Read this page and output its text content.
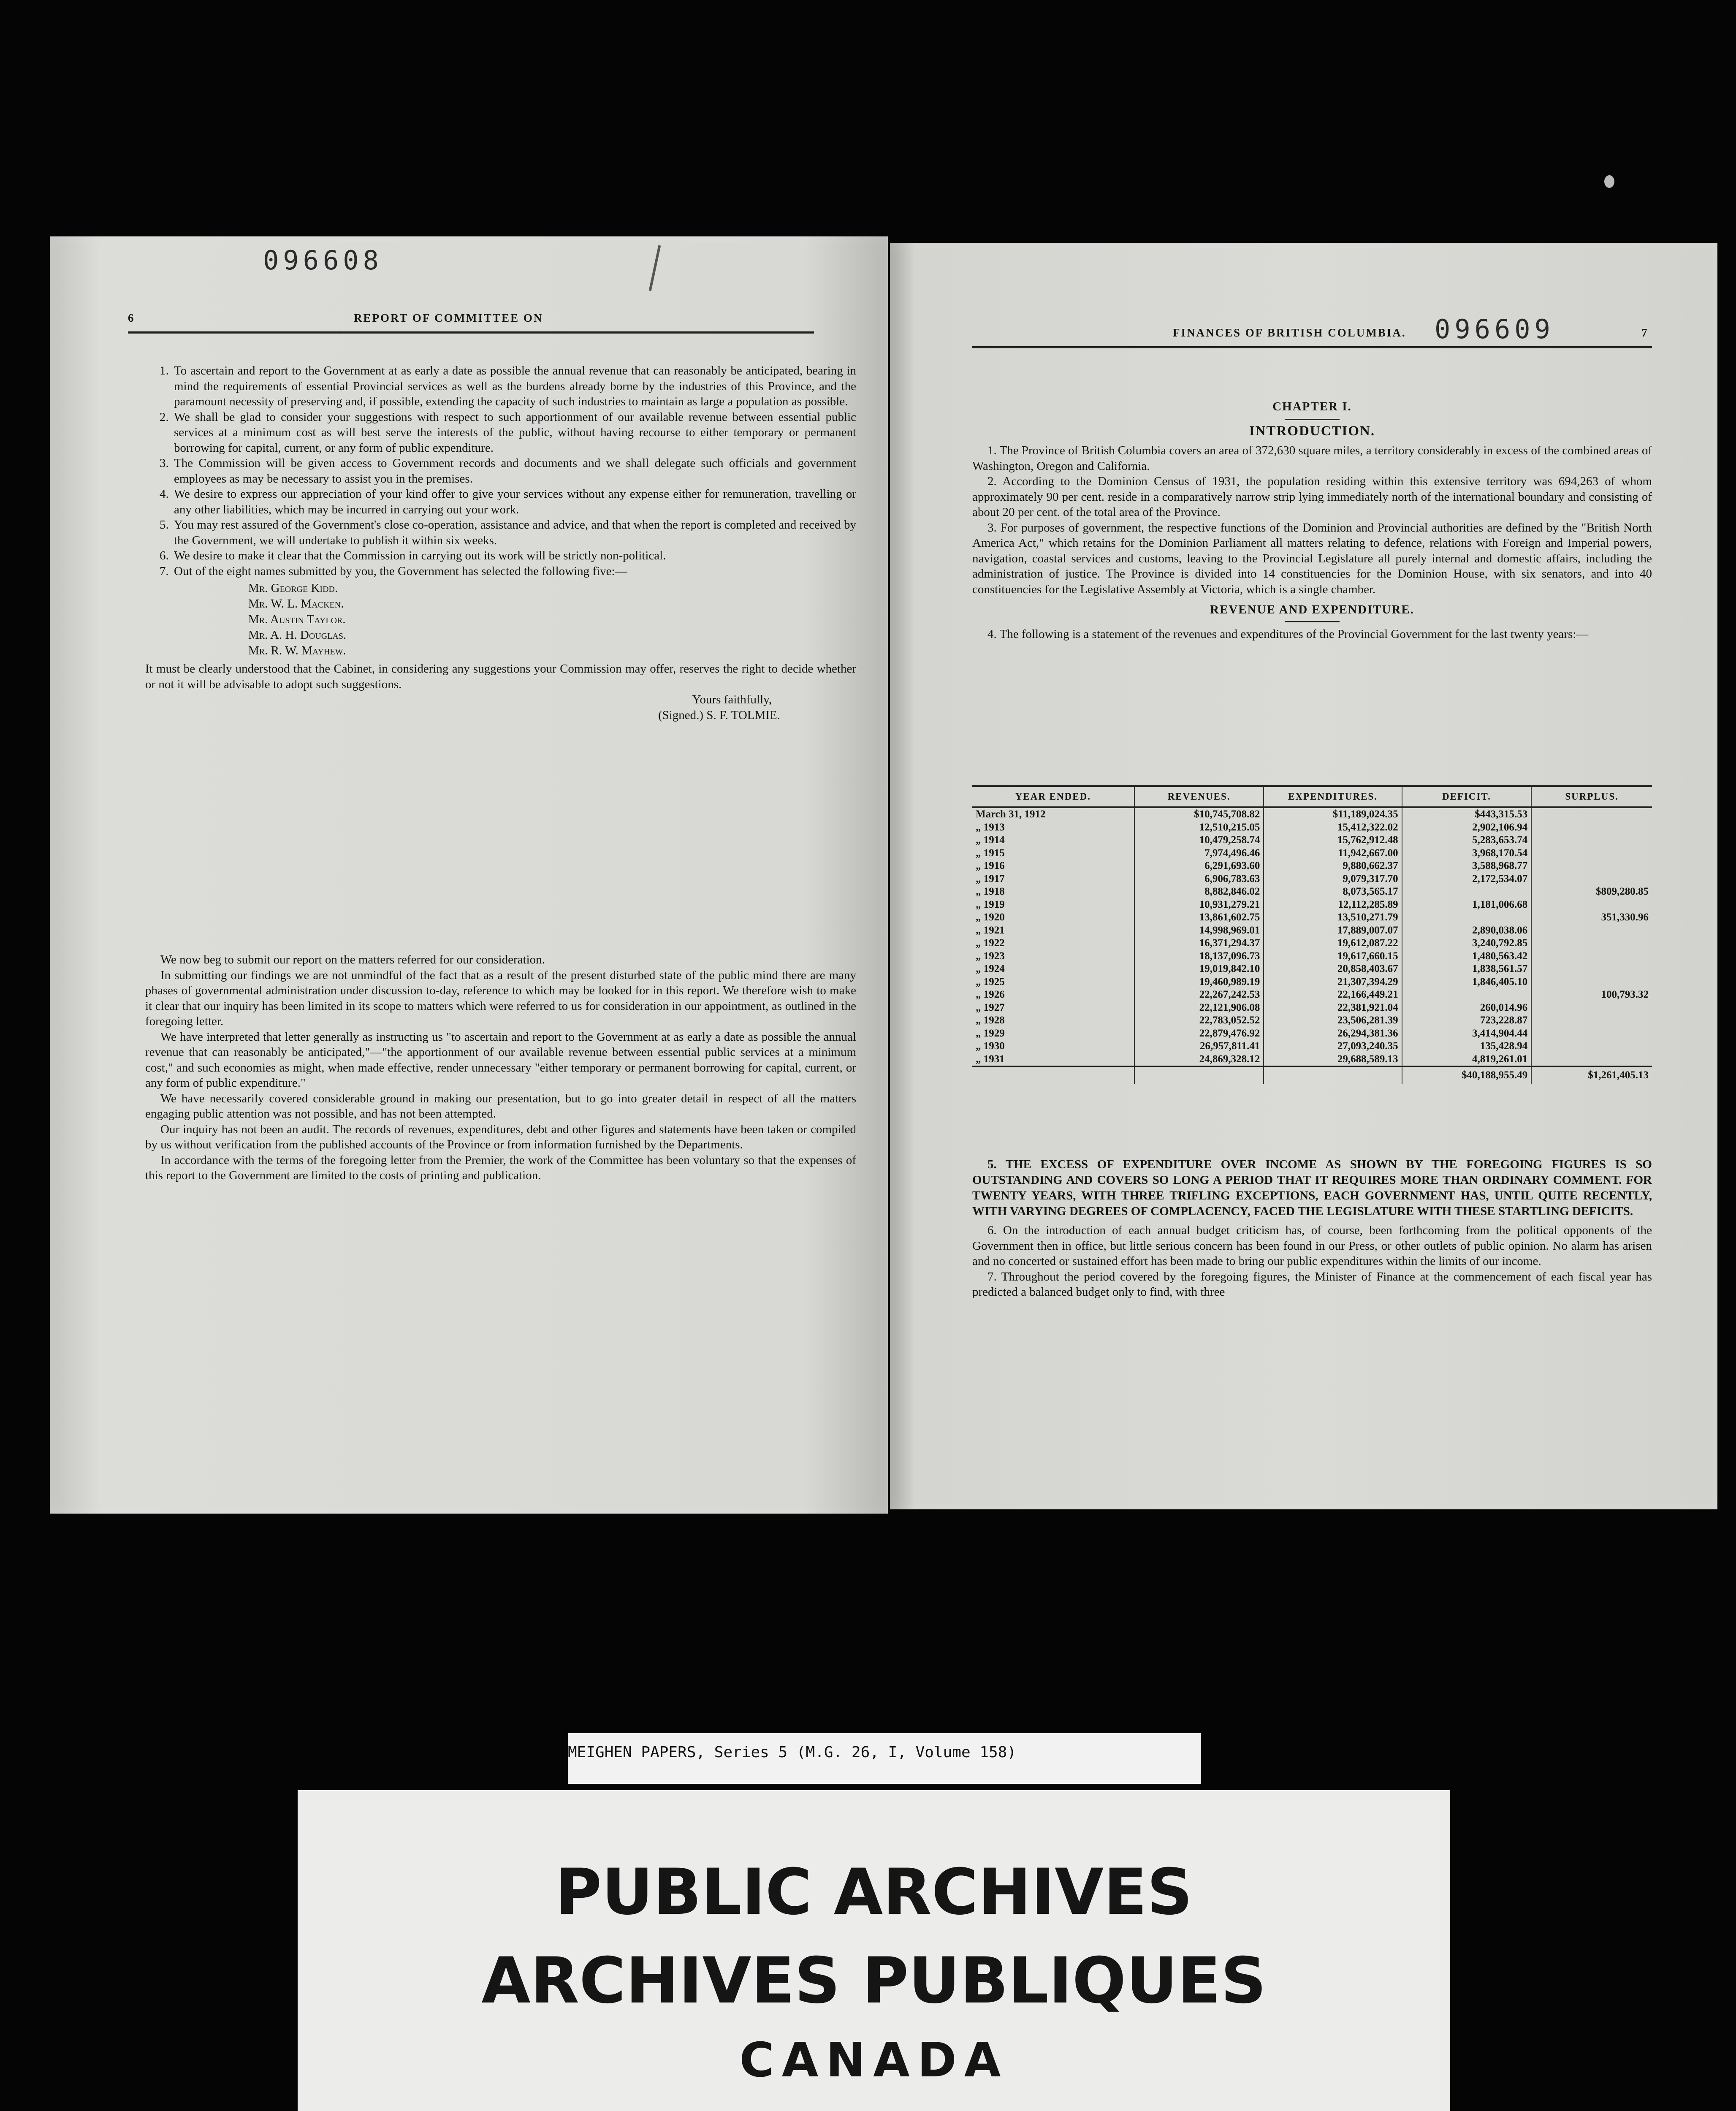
096608
6	REPORT OF COMMITTEE ON
1. To ascertain and report to the Government at as early a date as possible the annual revenue that can reasonably be anticipated, bearing in mind the requirements of essential Provincial services as well as the burdens already borne by the industries of this Province, and the paramount necessity of preserving and, if possible, extending the capacity of such industries to maintain as large a population as possible.
2. We shall be glad to consider your suggestions with respect to such apportionment of our available revenue between essential public services at a minimum cost as will best serve the interests of the public, without having recourse to either temporary or permanent borrowing for capital, current, or any form of public expenditure.
3. The Commission will be given access to Government records and documents and we shall delegate such officials and government employees as may be necessary to assist you in the premises.
4. We desire to express our appreciation of your kind offer to give your services without any expense either for remuneration, travelling or any other liabilities, which may be incurred in carrying out your work.
5. You may rest assured of the Government's close co-operation, assistance and advice, and that when the report is completed and received by the Government, we will undertake to publish it within six weeks.
6. We desire to make it clear that the Commission in carrying out its work will be strictly non-political.
7. Out of the eight names submitted by you, the Government has selected the following five:—
Mr. George Kidd.
Mr. W. L. Macken.
Mr. Austin Taylor.
Mr. A. H. Douglas.
Mr. R. W. Mayhew.

It must be clearly understood that the Cabinet, in considering any suggestions your Commission may offer, reserves the right to decide whether or not it will be advisable to adopt such suggestions.

Yours faithfully,

(Signed.) S. F. TOLMIE.

We now beg to submit our report on the matters referred for our consideration.

In submitting our findings we are not unmindful of the fact that as a result of the present disturbed state of the public mind there are many phases of governmental administration under discussion to-day, reference to which may be looked for in this report. We therefore wish to make it clear that our inquiry has been limited in its scope to matters which were referred to us for consideration in our appointment, as outlined in the foregoing letter.

We have interpreted that letter generally as instructing us "to ascertain and report to the Government at as early a date as possible the annual revenue that can reasonably be anticipated,"—"the apportionment of our available revenue between essential public services at a minimum cost," and such economies as might, when made effective, render unnecessary "either temporary or permanent borrowing for capital, current, or any form of public expenditure."

We have necessarily covered considerable ground in making our presentation, but to go into greater detail in respect of all the matters engaging public attention was not possible, and has not been attempted.

Our inquiry has not been an audit. The records of revenues, expenditures, debt and other figures and statements have been taken or compiled by us without verification from the published accounts of the Province or from information furnished by the Departments.

In accordance with the terms of the foregoing letter from the Premier, the work of the Committee has been voluntary so that the expenses of this report to the Government are limited to the costs of printing and publication.

FINANCES OF BRITISH COLUMBIA. 096609	7
CHAPTER I.
INTRODUCTION.

1. The Province of British Columbia covers an area of 372,630 square miles, a territory considerably in excess of the combined areas of Washington, Oregon and California.

2. According to the Dominion Census of 1931, the population residing within this extensive territory was 694,263 of whom approximately 90 per cent. reside in a comparatively narrow strip lying immediately north of the international boundary and consisting of about 20 per cent. of the total area of the Province.

3. For purposes of government, the respective functions of the Dominion and Provincial authorities are defined by the "British North America Act," which retains for the Dominion Parliament all matters relating to defence, relations with Foreign and Imperial powers, navigation, coastal services and customs, leaving to the Provincial Legislature all purely internal and domestic affairs, including the administration of justice. The Province is divided into 14 constituencies for the Dominion House, with six senators, and into 40 constituencies for the Legislative Assembly at Victoria, which is a single chamber.

REVENUE AND EXPENDITURE.

4. The following is a statement of the revenues and expenditures of the Provincial Government for the last twenty years:—

YEAR ENDED.	REVENUES.	EXPENDITURES.	DEFICIT.	SURPLUS.
March 31, 1912	$10,745,708.82	$11,189,024.35	$443,315.53	
„ 1913	12,510,215.05	15,412,322.02	2,902,106.94	
„ 1914	10,479,258.74	15,762,912.48	5,283,653.74	
„ 1915	7,974,496.46	11,942,667.00	3,968,170.54	
„ 1916	6,291,693.60	9,880,662.37	3,588,968.77	
„ 1917	6,906,783.63	9,079,317.70	2,172,534.07	
„ 1918	8,882,846.02	8,073,565.17		$809,280.85
„ 1919	10,931,279.21	12,112,285.89	1,181,006.68	
„ 1920	13,861,602.75	13,510,271.79		351,330.96
„ 1921	14,998,969.01	17,889,007.07	2,890,038.06	
„ 1922	16,371,294.37	19,612,087.22	3,240,792.85	
„ 1923	18,137,096.73	19,617,660.15	1,480,563.42	
„ 1924	19,019,842.10	20,858,403.67	1,838,561.57	
„ 1925	19,460,989.19	21,307,394.29	1,846,405.10	
„ 1926	22,267,242.53	22,166,449.21		100,793.32
„ 1927	22,121,906.08	22,381,921.04	260,014.96	
„ 1928	22,783,052.52	23,506,281.39	723,228.87	
„ 1929	22,879,476.92	26,294,381.36	3,414,904.44	
„ 1930	26,957,811.41	27,093,240.35	135,428.94	
„ 1931	24,869,328.12	29,688,589.13	4,819,261.01	
			$40,188,955.49	$1,261,405.13

5. THE EXCESS OF EXPENDITURE OVER INCOME AS SHOWN BY THE FOREGOING FIGURES IS SO OUTSTANDING AND COVERS SO LONG A PERIOD THAT IT REQUIRES MORE THAN ORDINARY COMMENT. FOR TWENTY YEARS, WITH THREE TRIFLING EXCEPTIONS, EACH GOVERNMENT HAS, UNTIL QUITE RECENTLY, WITH VARYING DEGREES OF COMPLACENCY, FACED THE LEGISLATURE WITH THESE STARTLING DEFICITS.

6. On the introduction of each annual budget criticism has, of course, been forthcoming from the political opponents of the Government then in office, but little serious concern has been found in our Press, or other outlets of public opinion. No alarm has arisen and no concerted or sustained effort has been made to bring our public expenditures within the limits of our income.

7. Throughout the period covered by the foregoing figures, the Minister of Finance at the commencement of each fiscal year has predicted a balanced budget only to find, with three

MEIGHEN PAPERS, Series 5 (M.G. 26, I, Volume 158)
PUBLIC ARCHIVES
ARCHIVES PUBLIQUES
CANADA
